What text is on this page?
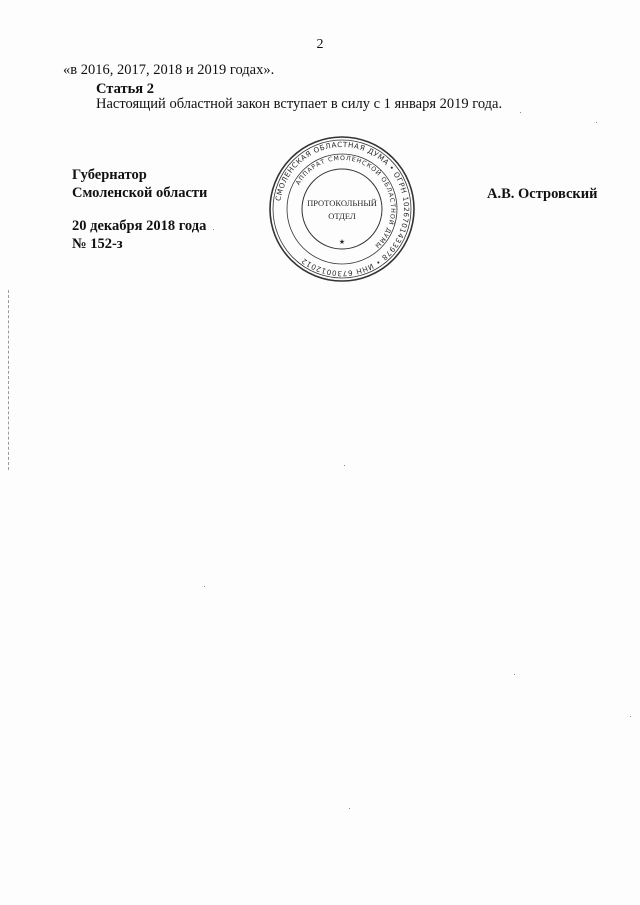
2
«в 2016, 2017, 2018 и 2019 годах».
Статья 2
Настоящий областной закон вступает в силу с 1 января 2019 года.
Губернатор
Смоленской области
20 декабря 2018 года
№ 152-з
А.В. Островский
СМОЛЕНСКАЯ ОБЛАСТНАЯ ДУМА • ОГРН 1026701433978 • ИНН 6730012012
АППАРАТ СМОЛЕНСКОЙ ОБЛАСТНОЙ ДУМЫ
ПРОТОКОЛЬНЫЙ
ОТДЕЛ
★
